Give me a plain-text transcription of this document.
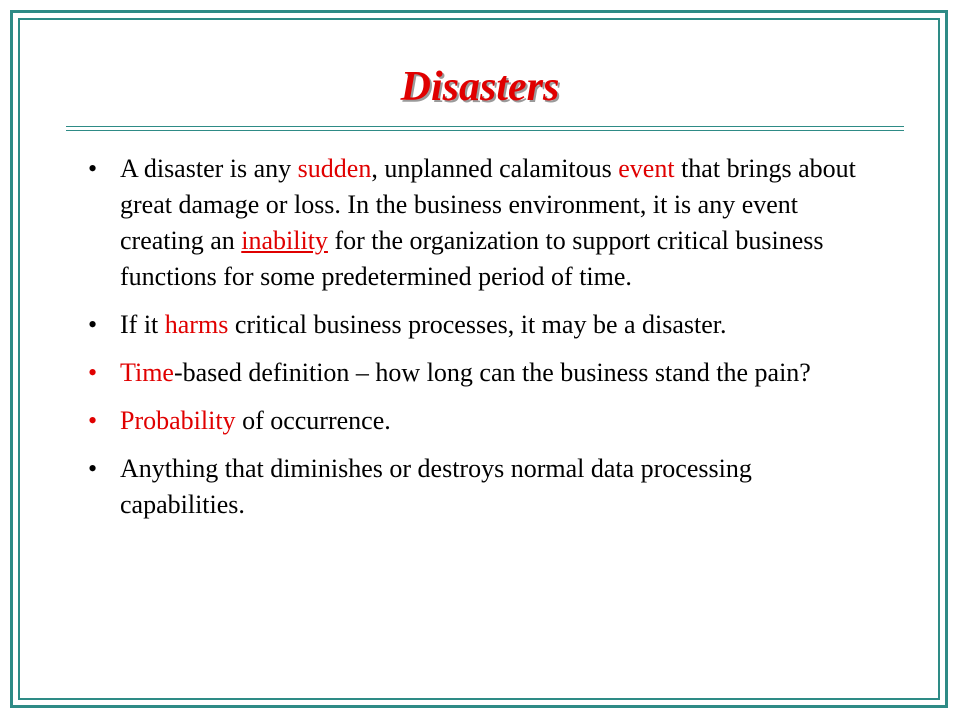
Disasters
• A disaster is any sudden, unplanned calamitous event that brings about great damage or loss. In the business environment, it is any event creating an inability for the organization to support critical business functions for some predetermined period of time.
• If it harms critical business processes, it may be a disaster.
• Time-based definition – how long can the business stand the pain?
• Probability of occurrence.
• Anything that diminishes or destroys normal data processing capabilities.
